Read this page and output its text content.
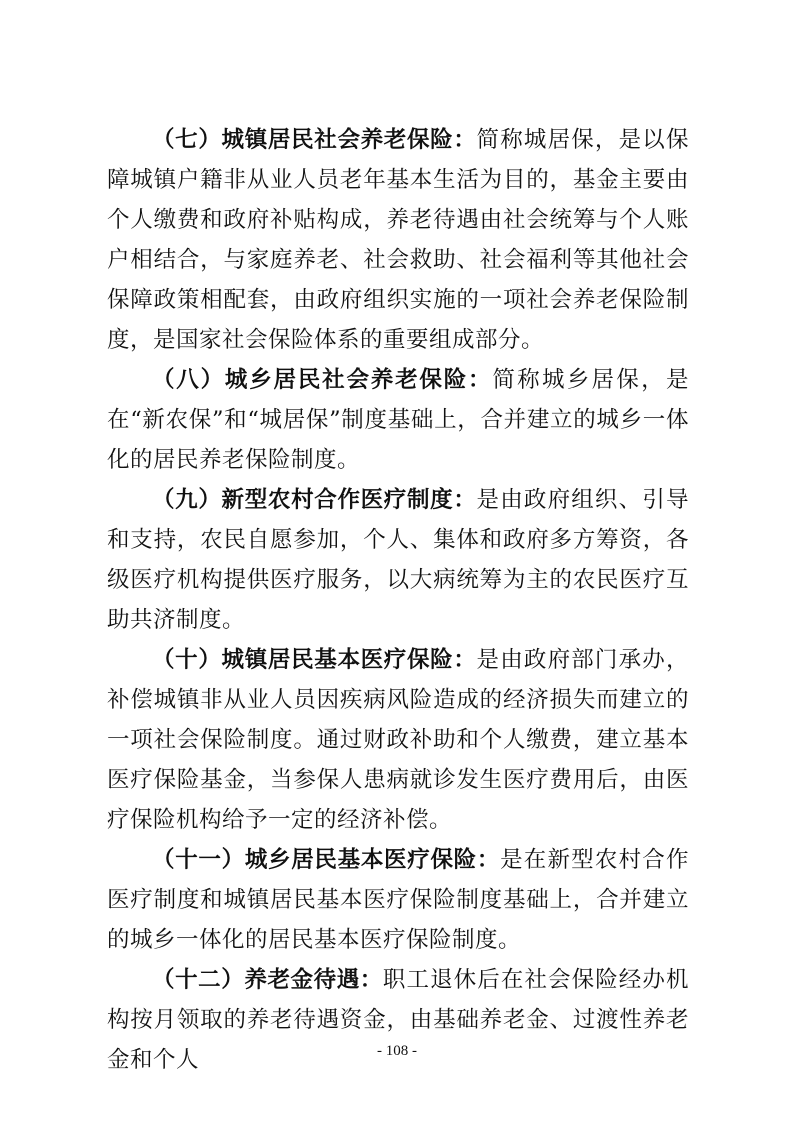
（七）城镇居民社会养老保险：简称城居保，是以保障城镇户籍非从业人员老年基本生活为目的，基金主要由个人缴费和政府补贴构成，养老待遇由社会统筹与个人账户相结合，与家庭养老、社会救助、社会福利等其他社会保障政策相配套，由政府组织实施的一项社会养老保险制度，是国家社会保险体系的重要组成部分。

（八）城乡居民社会养老保险：简称城乡居保，是在“新农保”和“城居保”制度基础上，合并建立的城乡一体化的居民养老保险制度。

（九）新型农村合作医疗制度：是由政府组织、引导和支持，农民自愿参加，个人、集体和政府多方筹资，各级医疗机构提供医疗服务，以大病统筹为主的农民医疗互助共济制度。

（十）城镇居民基本医疗保险：是由政府部门承办，补偿城镇非从业人员因疾病风险造成的经济损失而建立的一项社会保险制度。通过财政补助和个人缴费，建立基本医疗保险基金，当参保人患病就诊发生医疗费用后，由医疗保险机构给予一定的经济补偿。

（十一）城乡居民基本医疗保险：是在新型农村合作医疗制度和城镇居民基本医疗保险制度基础上，合并建立的城乡一体化的居民基本医疗保险制度。

（十二）养老金待遇：职工退休后在社会保险经办机构按月领取的养老待遇资金，由基础养老金、过渡性养老金和个人	- 108 -
